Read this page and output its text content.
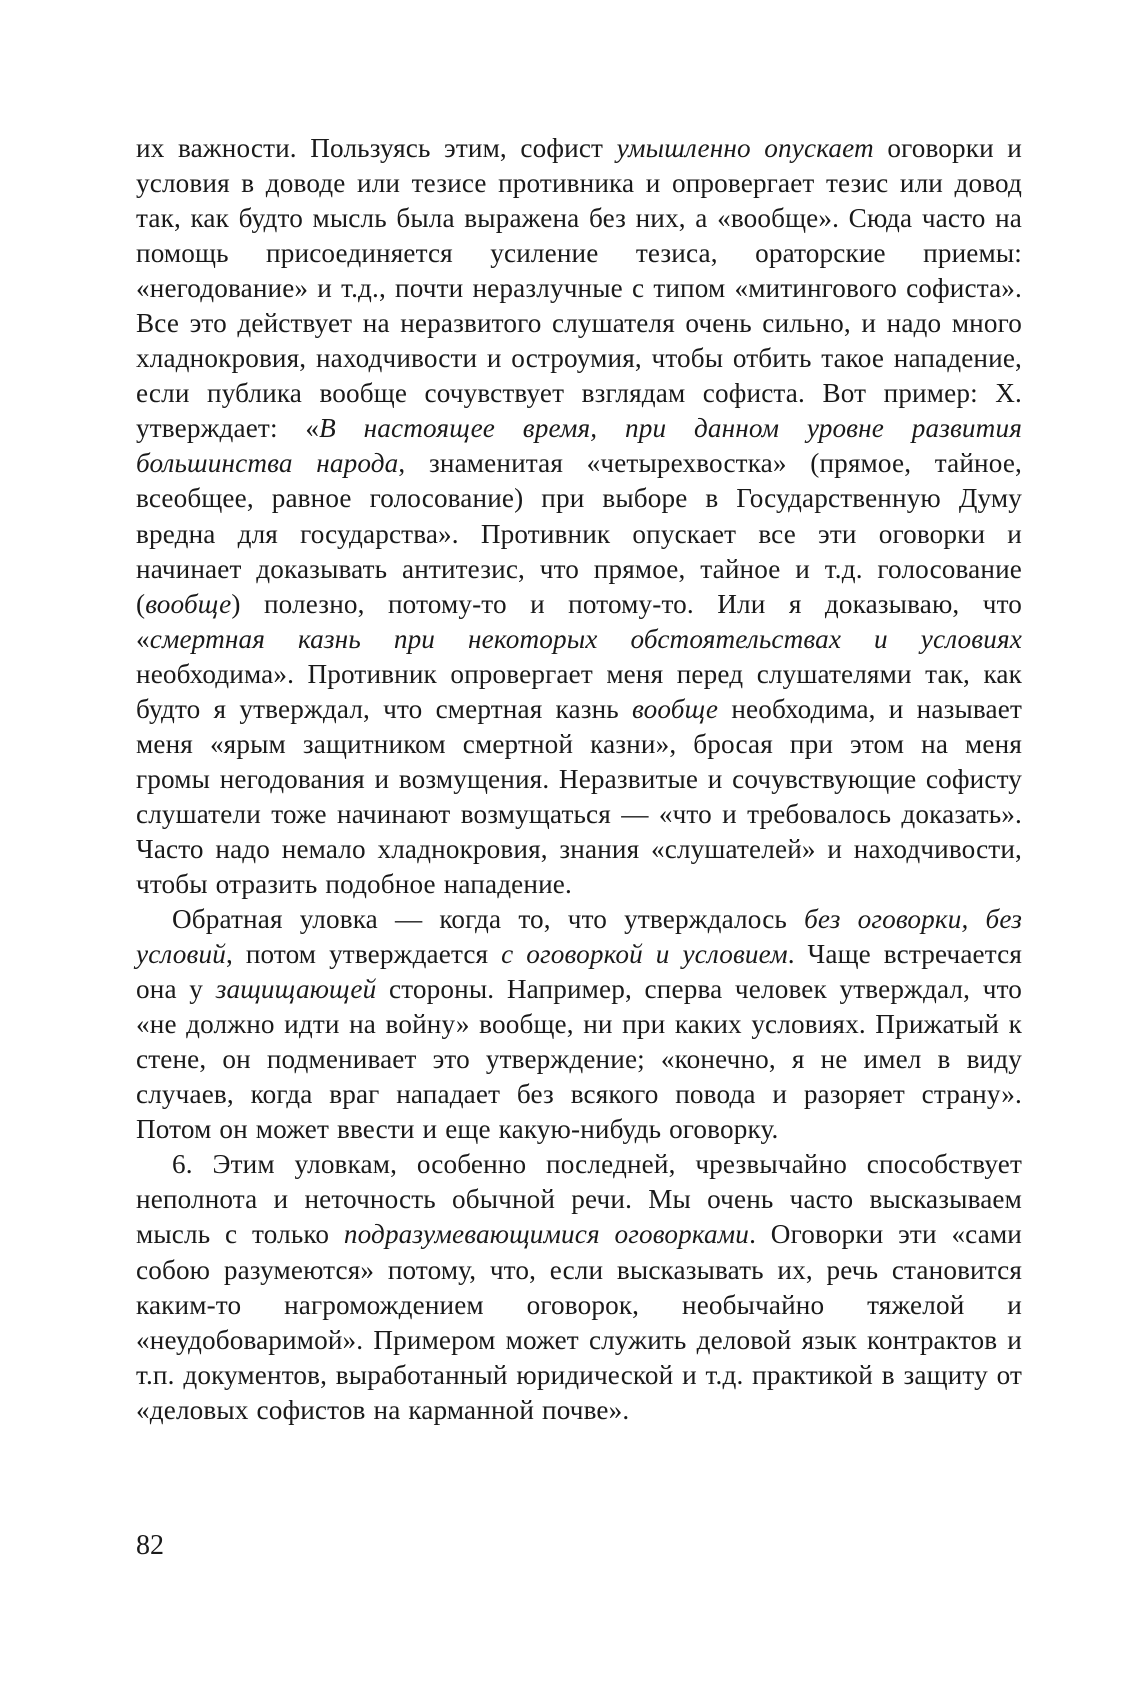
их важности. Пользуясь этим, софист умышленно опускает оговорки и условия в доводе или тезисе противника и опровергает тезис или довод так, как будто мысль была выражена без них, а «вообще». Сюда часто на помощь присоединяется усиление тезиса, ораторские приемы: «негодование» и т.д., почти неразлучные с типом «митингового софиста». Все это действует на неразвитого слушателя очень сильно, и надо много хладнокровия, находчивости и остроумия, чтобы отбить такое нападение, если публика вообще сочувствует взглядам софиста. Вот пример: X. утверждает: «В настоящее время, при данном уровне развития большинства народа, знаменитая «четырехвостка» (прямое, тайное, всеобщее, равное голосование) при выборе в Государственную Думу вредна для государства». Противник опускает все эти оговорки и начинает доказывать антитезис, что прямое, тайное и т.д. голосование (вообще) полезно, потому-то и потому-то. Или я доказываю, что «смертная казнь при некоторых обстоятельствах и условиях необходима». Противник опровергает меня перед слушателями так, как будто я утверждал, что смертная казнь вообще необходима, и называет меня «ярым защитником смертной казни», бросая при этом на меня громы негодования и возмущения. Неразвитые и сочувствующие софисту слушатели тоже начинают возмущаться — «что и требовалось доказать». Часто надо немало хладнокровия, знания «слушателей» и находчивости, чтобы отразить подобное нападение.

Обратная уловка — когда то, что утверждалось без оговорки, без условий, потом утверждается с оговоркой и условием. Чаще встречается она у защищающей стороны. Например, сперва человек утверждал, что «не должно идти на войну» вообще, ни при каких условиях. Прижатый к стене, он подменивает это утверждение; «конечно, я не имел в виду случаев, когда враг нападает без всякого повода и разоряет страну». Потом он может ввести и еще какую-нибудь оговорку.

6. Этим уловкам, особенно последней, чрезвычайно способствует неполнота и неточность обычной речи. Мы очень часто высказываем мысль с только подразумевающимися оговорками. Оговорки эти «сами собою разумеются» потому, что, если высказывать их, речь становится каким-то нагромождением оговорок, необычайно тяжелой и «неудобоваримой». Примером может служить деловой язык контрактов и т.п. документов, выработанный юридической и т.д. практикой в защиту от «деловых софистов на карманной почве».

82
